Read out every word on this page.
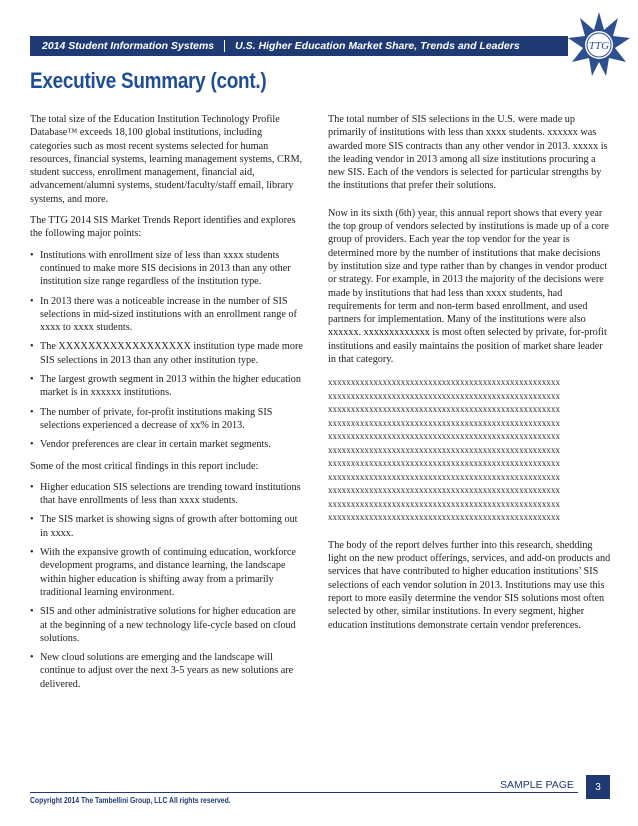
2014 Student Information Systems U.S. Higher Education Market Share, Trends and Leaders	TTG
Executive Summary (cont.)

The total size of the Education Institution Technology Profile Database™ exceeds 18,100 global institutions, including categories such as most recent systems selected for human resources, financial systems, learning management systems, CRM, student success, enrollment management, financial aid, advancement/alumni systems, student/faculty/staff email, library systems, and more.

The TTG 2014 SIS Market Trends Report identifies and explores the following major points:

• Institutions with enrollment size of less than xxxx students continued to make more SIS decisions in 2013 than any other institution size range regardless of the institution type.
• In 2013 there was a noticeable increase in the number of SIS selections in mid-sized institutions with an enrollment range of xxxx to xxxx students.
• The XXXXXXXXXXXXXXXXXX institution type made more SIS selections in 2013 than any other institution type.
• The largest growth segment in 2013 within the higher education market is in xxxxxx institutions.
• The number of private, for-profit institutions making SIS selections experienced a decrease of xx% in 2013.
• Vendor preferences are clear in certain market segments.

Some of the most critical findings in this report include:

• Higher education SIS selections are trending toward institutions that have enrollments of less than xxxx students.
• The SIS market is showing signs of growth after bottoming out in xxxx.
• With the expansive growth of continuing education, workforce development programs, and distance learning, the landscape within higher education is shifting away from a primarily traditional learning environment.
• SIS and other administrative solutions for higher education are at the beginning of a new technology life-cycle based on cloud solutions.
• New cloud solutions are emerging and the landscape will continue to adjust over the next 3-5 years as new solutions are delivered.

The total number of SIS selections in the U.S. were made up primarily of institutions with less than xxxx students. xxxxxx was awarded more SIS contracts than any other vendor in 2013. xxxxx is the leading vendor in 2013 among all size institutions procuring a new SIS. Each of the vendors is selected for particular strengths by the institutions that prefer their solutions.

Now in its sixth (6th) year, this annual report shows that every year the top group of vendors selected by institutions is made up of a core group of providers. Each year the top vendor for the year is determined more by the number of institutions that make decisions by institution size and type rather than by changes in vendor product or strategy. For example, in 2013 the majority of the decisions were made by institutions that had less than xxxx students, had requirements for term and non-term based enrollment, and used partners for implementation. Many of the institutions were also xxxxxx. xxxxxxxxxxxxx is most often selected by private, for-profit institutions and easily maintains the position of market share leader in that category.

xxxxxxxxxxxxxxxxxxxxxxxxxxxxxxxxxxxxxxxxxxxxxxxxxxx
xxxxxxxxxxxxxxxxxxxxxxxxxxxxxxxxxxxxxxxxxxxxxxxxxxx
xxxxxxxxxxxxxxxxxxxxxxxxxxxxxxxxxxxxxxxxxxxxxxxxxxx
xxxxxxxxxxxxxxxxxxxxxxxxxxxxxxxxxxxxxxxxxxxxxxxxxxx
xxxxxxxxxxxxxxxxxxxxxxxxxxxxxxxxxxxxxxxxxxxxxxxxxxx
xxxxxxxxxxxxxxxxxxxxxxxxxxxxxxxxxxxxxxxxxxxxxxxxxxx
xxxxxxxxxxxxxxxxxxxxxxxxxxxxxxxxxxxxxxxxxxxxxxxxxxx
xxxxxxxxxxxxxxxxxxxxxxxxxxxxxxxxxxxxxxxxxxxxxxxxxxx
xxxxxxxxxxxxxxxxxxxxxxxxxxxxxxxxxxxxxxxxxxxxxxxxxxx
xxxxxxxxxxxxxxxxxxxxxxxxxxxxxxxxxxxxxxxxxxxxxxxxxxx
xxxxxxxxxxxxxxxxxxxxxxxxxxxxxxxxxxxxxxxxxxxxxxxxxxx

The body of the report delves further into this research, shedding light on the new product offerings, services, and add-on products and services that have contributed to higher education institutions’ SIS selections of each vendor solution in 2013. Institutions may use this report to more easily determine the vendor SIS solutions most often selected by other, similar institutions. In every segment, higher education institutions demonstrate certain vendor preferences.

SAMPLE PAGE	3
Copyright 2014 The Tambellini Group, LLC All rights reserved.
